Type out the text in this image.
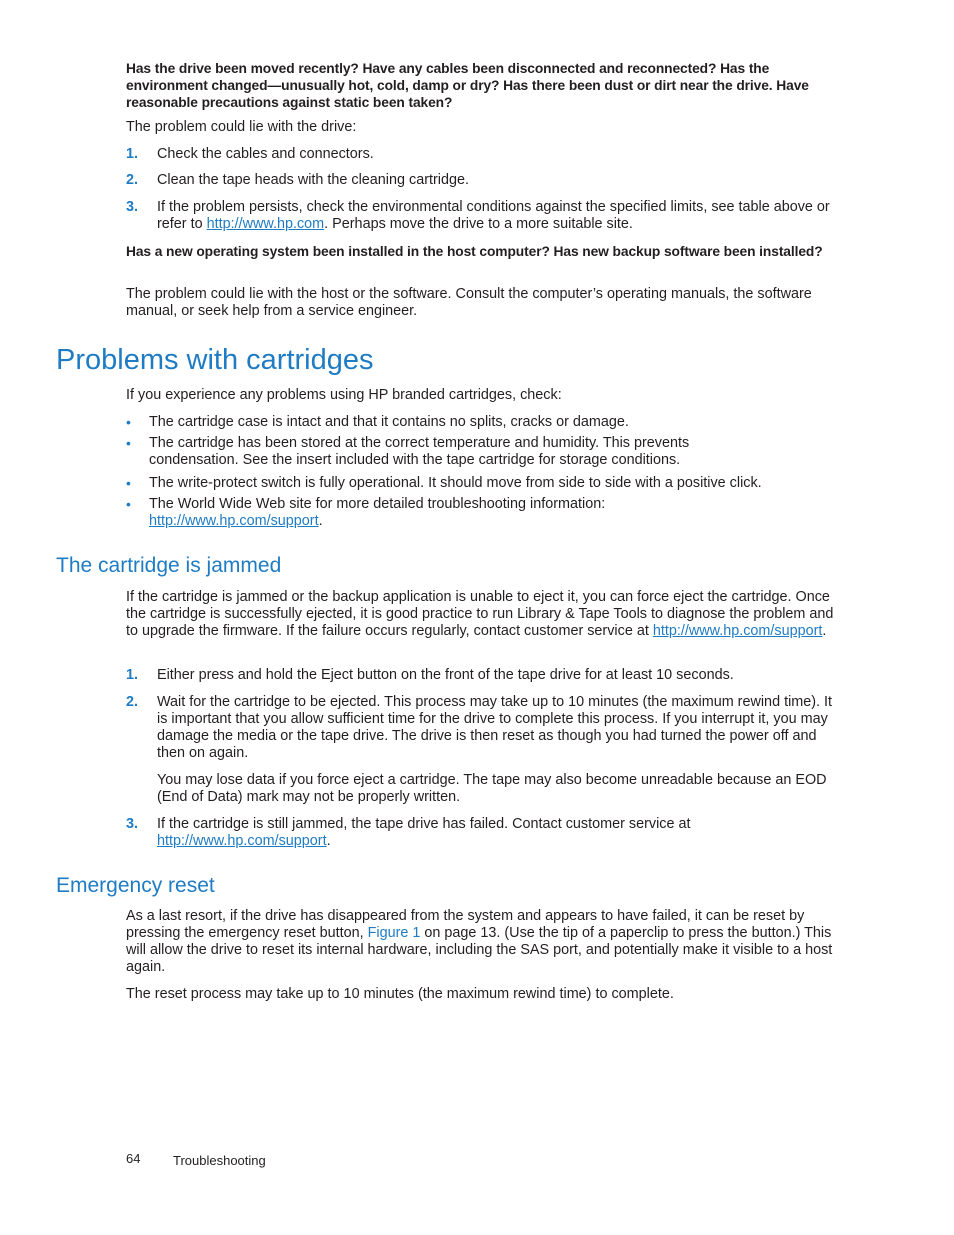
Has the drive been moved recently? Have any cables been disconnected and reconnected? Has the environment changed—unusually hot, cold, damp or dry? Has there been dust or dirt near the drive. Have reasonable precautions against static been taken?

The problem could lie with the drive:

1. Check the cables and connectors.

2. Clean the tape heads with the cleaning cartridge.

3. If the problem persists, check the environmental conditions against the specified limits, see table above or refer to http://www.hp.com. Perhaps move the drive to a more suitable site.

Has a new operating system been installed in the host computer? Has new backup software been installed?

The problem could lie with the host or the software. Consult the computer’s operating manuals, the software manual, or seek help from a service engineer.

Problems with cartridges

If you experience any problems using HP branded cartridges, check:

• The cartridge case is intact and that it contains no splits, cracks or damage.

• The cartridge has been stored at the correct temperature and humidity. This prevents condensation. See the insert included with the tape cartridge for storage conditions.

• The write-protect switch is fully operational. It should move from side to side with a positive click.

• The World Wide Web site for more detailed troubleshooting information:
http://www.hp.com/support.

The cartridge is jammed

If the cartridge is jammed or the backup application is unable to eject it, you can force eject the cartridge. Once the cartridge is successfully ejected, it is good practice to run Library & Tape Tools to diagnose the problem and to upgrade the firmware. If the failure occurs regularly, contact customer service at http://www.hp.com/support.

1. Either press and hold the Eject button on the front of the tape drive for at least 10 seconds.

2. Wait for the cartridge to be ejected. This process may take up to 10 minutes (the maximum rewind time). It is important that you allow sufficient time for the drive to complete this process. If you interrupt it, you may damage the media or the tape drive. The drive is then reset as though you had turned the power off and then on again.

You may lose data if you force eject a cartridge. The tape may also become unreadable because an EOD (End of Data) mark may not be properly written.

3. If the cartridge is still jammed, the tape drive has failed. Contact customer service at
http://www.hp.com/support.

Emergency reset

As a last resort, if the drive has disappeared from the system and appears to have failed, it can be reset by pressing the emergency reset button, Figure 1 on page 13. (Use the tip of a paperclip to press the button.) This will allow the drive to reset its internal hardware, including the SAS port, and potentially make it visible to a host again.

The reset process may take up to 10 minutes (the maximum rewind time) to complete.

64	Troubleshooting
